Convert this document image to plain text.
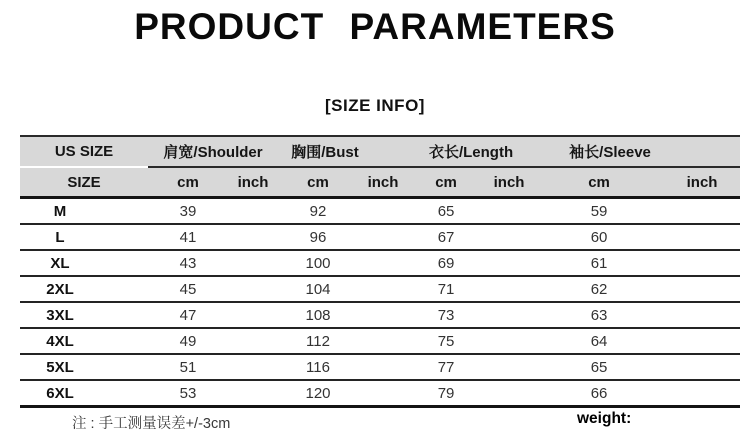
PRODUCT PARAMETERS
[SIZE INFO]
US SIZE	肩宽/Shoulder		胸围/Bust		衣长/Length		袖长/Sleeve	
SIZE	cm	inch	cm	inch	cm	inch	cm	inch
M	39		92		65		59	
L	41		96		67		60	
XL	43		100		69		61	
2XL	45		104		71		62	
3XL	47		108		73		63	
4XL	49		112		75		64	
5XL	51		116		77		65	
6XL	53		120		79		66	
注 : 手工测量误差+/-3cm	weight:
